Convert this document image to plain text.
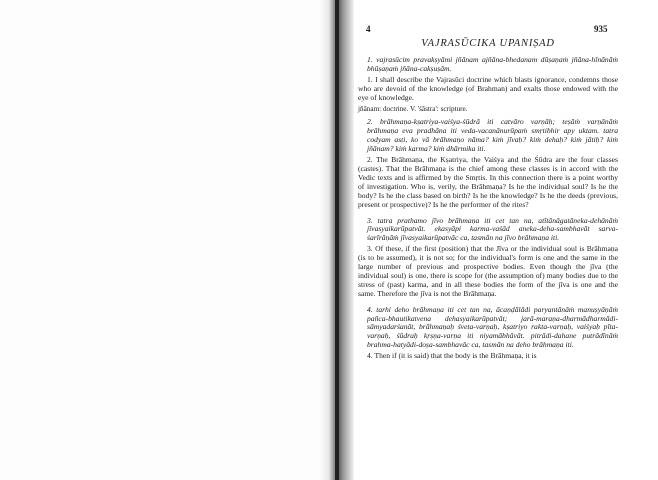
4	935
VAJRASŪCIKA UPANIṢAD

1. vajrasūcim pravakṣyāmi jñānam ajñāna-bhedanam dūṣaṇaṁ jñāna-hīnānāṁ bhūṣaṇaṁ jñāna-cakṣuṣām.

1. I shall describe the Vajrasūci doctrine which blasts ignorance, condemns those who are devoid of the knowledge (of Brahman) and exalts those endowed with the eye of knowledge.

jñānam: doctrine. V. 'śāstra': scripture.

2. brāhmaṇa-kṣatriya-vaiśya-śūdrā iti catvāro varṇāḥ; teṣāṁ varṇānāṁ brāhmaṇa eva pradhāna iti veda-vacanānurūpaṁ smṛtibhir apy uktam. tatra codyam asti, ko vā brāhmaṇo nāma? kiṁ jīvaḥ? kiṁ dehaḥ? kiṁ jātiḥ? kiṁ jñānam? kiṁ karma? kiṁ dhārmika iti.

2. The Brāhmaṇa, the Kṣatriya, the Vaiśya and the Śūdra are the four classes (castes). That the Brāhmaṇa is the chief among these classes is in accord with the Vedic texts and is affirmed by the Smṛtis. In this connection there is a point worthy of investigation. Who is, verily, the Brāhmaṇa? Is he the individual soul? Is he the body? Is he the class based on birth? Is he the knowledge? Is he the deeds (previous, present or prospective)? Is he the performer of the rites?

3. tatra prathamo jīvo brāhmaṇa iti cet tan na, atītānāgatāneka-dehānāṁ jīvasyaikarūpatvāt. ekasyāpi karma-vaśād aneka-deha-sambhavāt sarva-śarīrāṇāṁ jīvasyaikarūpatvāc ca, tasmān na jīvo brāhmaṇa iti.

3. Of these, if the first (position) that the Jīva or the individual soul is Brāhmaṇa (is to be assumed), it is not so; for the individual's form is one and the same in the large number of previous and prospective bodies. Even though the jīva (the individual soul) is one, there is scope for (the assumption of) many bodies due to the stress of (past) karma, and in all these bodies the form of the jīva is one and the same. Therefore the jīva is not the Brāhmaṇa.

4. tarhi deho brāhmaṇa iti cet tan na, ācaṇḍālādi paryantānāṁ manuṣyāṇāṁ pañca-bhautikatvena dehasyaikarūpatvāt; jarā-maraṇa-dharmādharmādi-sāmyadarśanāt, brāhmaṇaḥ śveta-varṇaḥ, kṣatriyo rakta-varṇaḥ, vaiśyaḥ pīta-varṇaḥ, śūdraḥ kṛṣṇa-varṇa iti niyamābhāvāt. pitrādi-dahane putrādīnāṁ brahma-hatyādi-doṣa-sambhavāc ca, tasmān na deho brāhmaṇa iti.

4. Then if (it is said) that the body is the Brāhmaṇa, it is
